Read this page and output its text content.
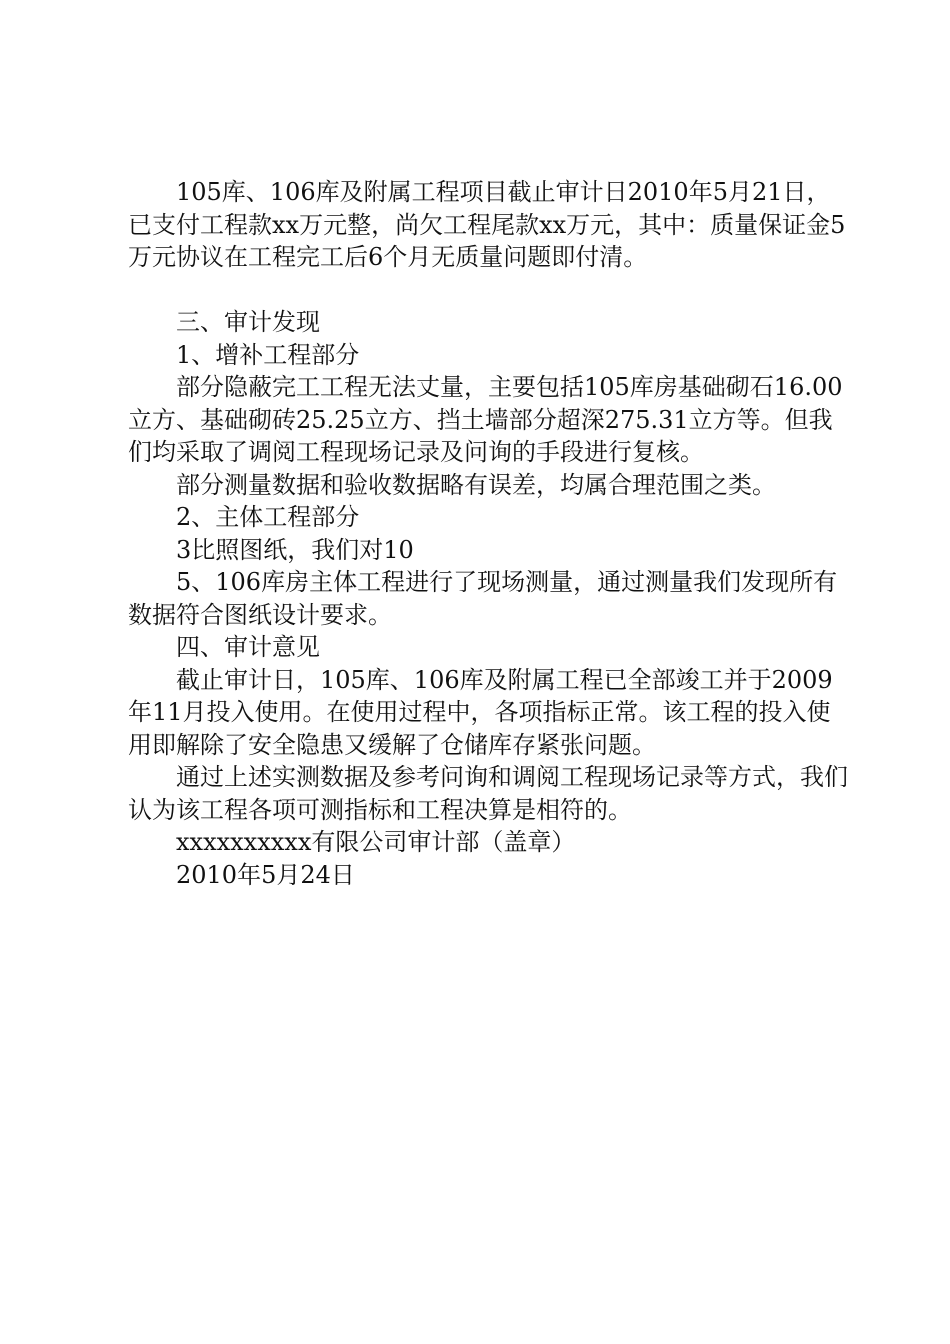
105库、106库及附属工程项目截止审计日2010年5月21日，已支付工程款xx万元整，尚欠工程尾款xx万元，其中：质量保证金5万元协议在工程完工后6个月无质量问题即付清。

三、审计发现

1、增补工程部分

部分隐蔽完工工程无法丈量，主要包括105库房基础砌石16.00立方、基础砌砖25.25立方、挡土墙部分超深275.31立方等。但我们均采取了调阅工程现场记录及问询的手段进行复核。

部分测量数据和验收数据略有误差，均属合理范围之类。

2、主体工程部分

3比照图纸，我们对10

5、106库房主体工程进行了现场测量，通过测量我们发现所有数据符合图纸设计要求。

四、审计意见

截止审计日，105库、106库及附属工程已全部竣工并于2009年11月投入使用。在使用过程中，各项指标正常。该工程的投入使用即解除了安全隐患又缓解了仓储库存紧张问题。

通过上述实测数据及参考问询和调阅工程现场记录等方式，我们认为该工程各项可测指标和工程决算是相符的。

xxxxxxxxxx有限公司审计部（盖章）

2010年5月24日
